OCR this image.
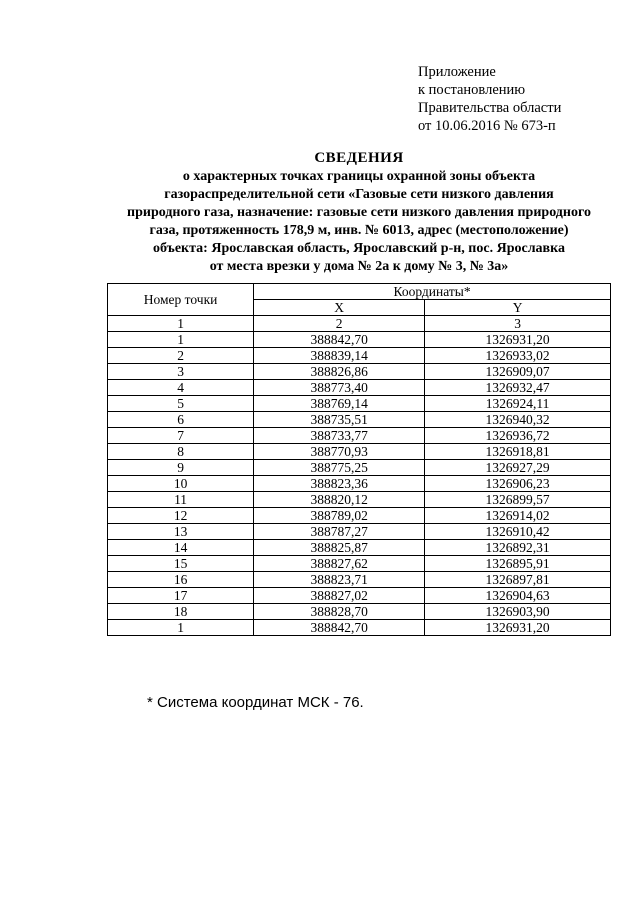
Приложение
к постановлению
Правительства области
от 10.06.2016 № 673-п
СВЕДЕНИЯ
о характерных точках границы охранной зоны объекта
газораспределительной сети «Газовые сети низкого давления
природного газа, назначение: газовые сети низкого давления природного
газа, протяженность 178,9 м, инв. № 6013, адрес (местоположение)
объекта: Ярославская область, Ярославский р-н, пос. Ярославка
от места врезки у дома № 2а к дому № 3, № 3а»
Номер точки	Координаты*	
	X	Y
1	2	3
1	388842,70	1326931,20
2	388839,14	1326933,02
3	388826,86	1326909,07
4	388773,40	1326932,47
5	388769,14	1326924,11
6	388735,51	1326940,32
7	388733,77	1326936,72
8	388770,93	1326918,81
9	388775,25	1326927,29
10	388823,36	1326906,23
11	388820,12	1326899,57
12	388789,02	1326914,02
13	388787,27	1326910,42
14	388825,87	1326892,31
15	388827,62	1326895,91
16	388823,71	1326897,81
17	388827,02	1326904,63
18	388828,70	1326903,90
1	388842,70	1326931,20
* Система координат МСК - 76.
